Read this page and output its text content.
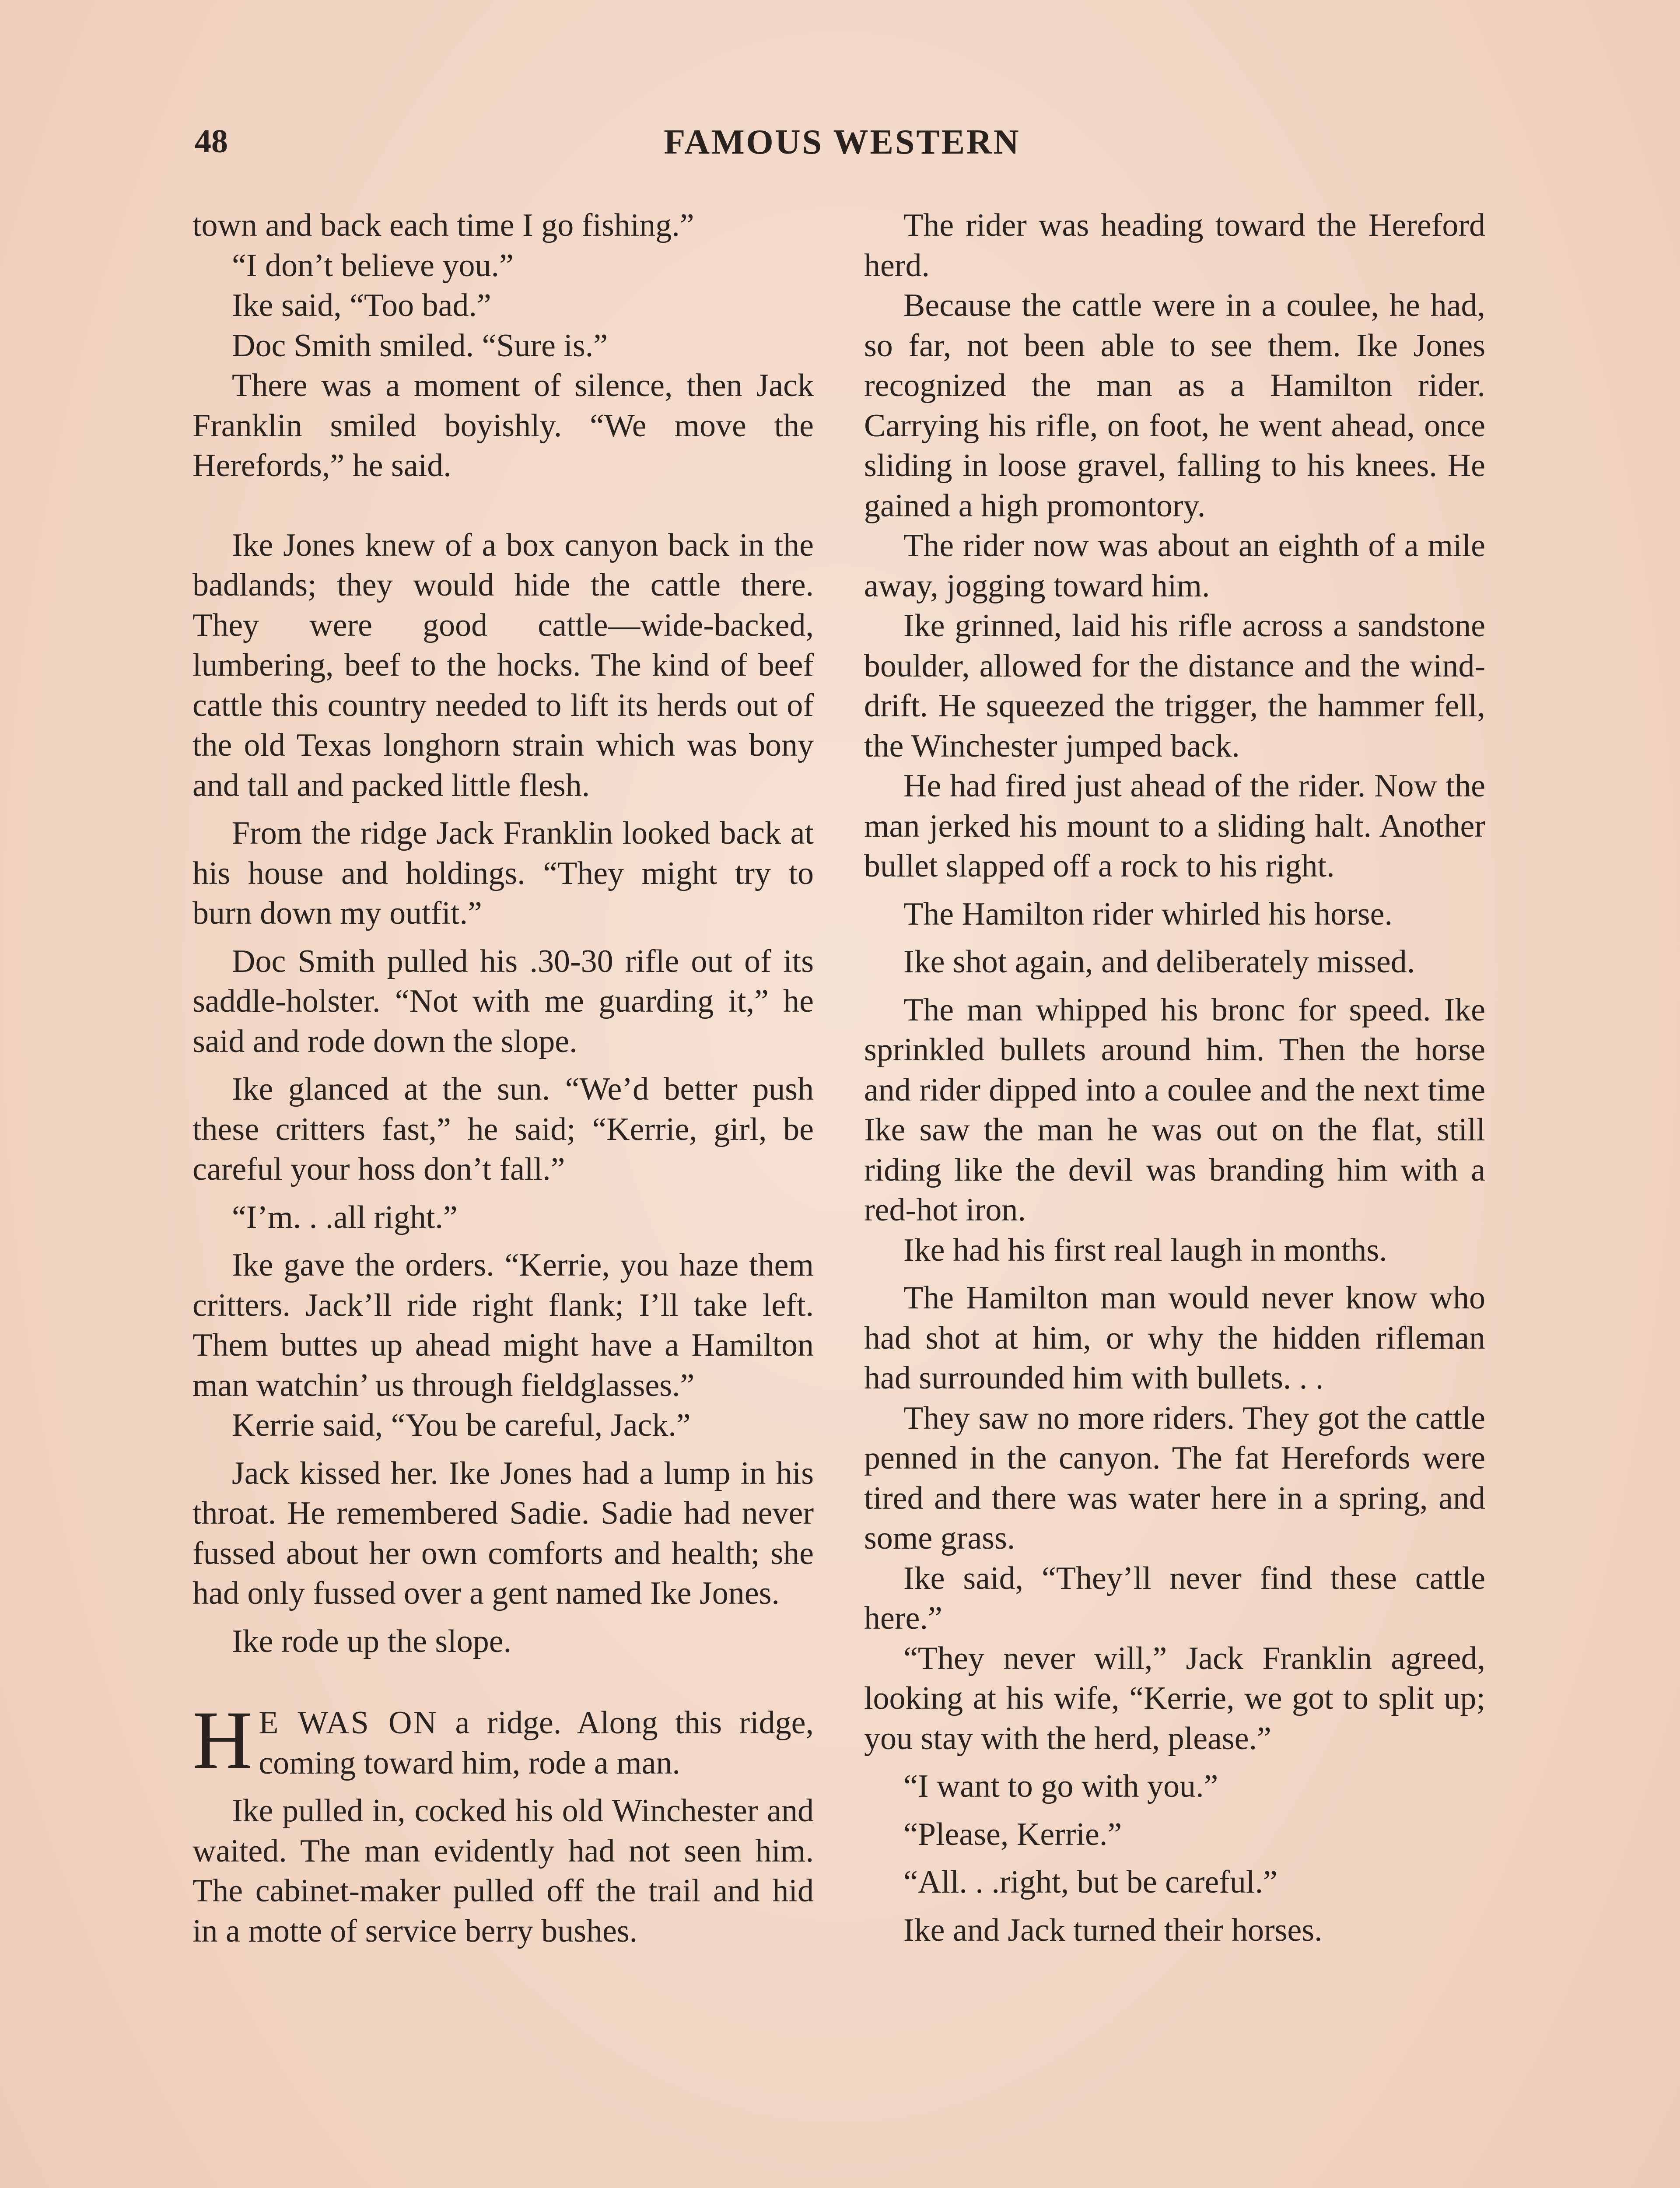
48	FAMOUS WESTERN

town and back each time I go fishing.”

“I don’t believe you.”

Ike said, “Too bad.”

Doc Smith smiled. “Sure is.”

There was a moment of silence, then Jack Franklin smiled boyishly. “We move the Herefords,” he said.

Ike Jones knew of a box canyon back in the badlands; they would hide the cattle there. They were good cattle—wide-backed, lumbering, beef to the hocks. The kind of beef cattle this country needed to lift its herds out of the old Texas longhorn strain which was bony and tall and packed little flesh.

From the ridge Jack Franklin looked back at his house and holdings. “They might try to burn down my outfit.”

Doc Smith pulled his .30-30 rifle out of its saddle-holster. “Not with me guarding it,” he said and rode down the slope.

Ike glanced at the sun. “We’d better push these critters fast,” he said; “Kerrie, girl, be careful your hoss don’t fall.”

“I’m. . .all right.”

Ike gave the orders. “Kerrie, you haze them critters. Jack’ll ride right flank; I’ll take left. Them buttes up ahead might have a Hamilton man watchin’ us through fieldglasses.”

Kerrie said, “You be careful, Jack.”

Jack kissed her. Ike Jones had a lump in his throat. He remembered Sadie. Sadie had never fussed about her own comforts and health; she had only fussed over a gent named Ike Jones.

Ike rode up the slope.

H E WAS ON a ridge. Along this ridge, coming toward him, rode a man.

Ike pulled in, cocked his old Winchester and waited. The man evidently had not seen him. The cabinet-maker pulled off the trail and hid in a motte of service berry bushes.

The rider was heading toward the Hereford herd.

Because the cattle were in a coulee, he had, so far, not been able to see them. Ike Jones recognized the man as a Hamilton rider. Carrying his rifle, on foot, he went ahead, once sliding in loose gravel, falling to his knees. He gained a high promontory.

The rider now was about an eighth of a mile away, jogging toward him.

Ike grinned, laid his rifle across a sandstone boulder, allowed for the distance and the wind-drift. He squeezed the trigger, the hammer fell, the Winchester jumped back.

He had fired just ahead of the rider. Now the man jerked his mount to a sliding halt. Another bullet slapped off a rock to his right.

The Hamilton rider whirled his horse.

Ike shot again, and deliberately missed.

The man whipped his bronc for speed. Ike sprinkled bullets around him. Then the horse and rider dipped into a coulee and the next time Ike saw the man he was out on the flat, still riding like the devil was branding him with a red-hot iron.

Ike had his first real laugh in months.

The Hamilton man would never know who had shot at him, or why the hidden rifleman had surrounded him with bullets. . .

They saw no more riders. They got the cattle penned in the canyon. The fat Herefords were tired and there was water here in a spring, and some grass.

Ike said, “They’ll never find these cattle here.”

“They never will,” Jack Franklin agreed, looking at his wife, “Kerrie, we got to split up; you stay with the herd, please.”

“I want to go with you.”

“Please, Kerrie.”

“All. . .right, but be careful.”

Ike and Jack turned their horses.
